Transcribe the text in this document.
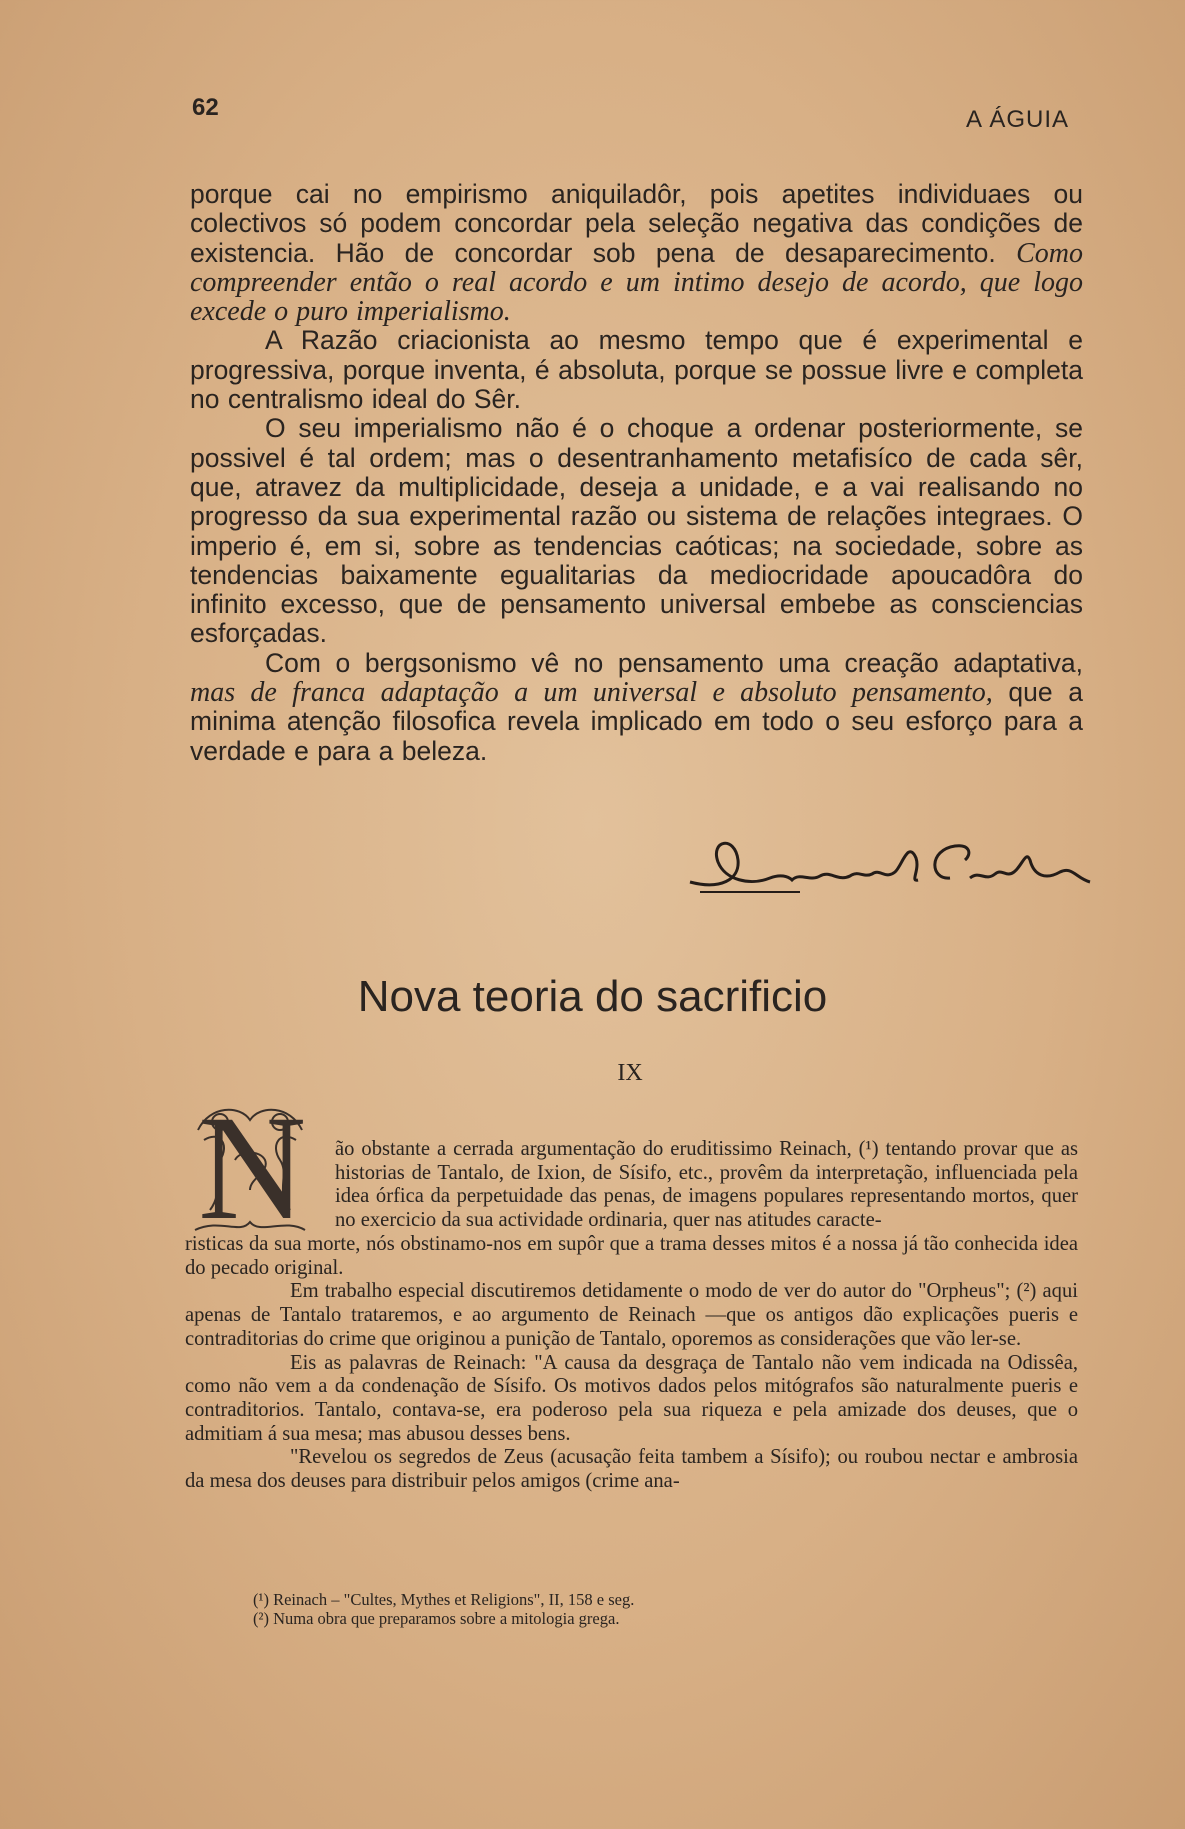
62	A ÁGUIA

porque cai no empirismo aniquiladôr, pois apetites individuaes ou colectivos só podem concordar pela seleção negativa das condições de existencia. Hão de concordar sob pena de desaparecimento. Como compreender então o real acordo e um intimo desejo de acordo, que logo excede o puro imperialismo.

A Razão criacionista ao mesmo tempo que é experimental e progressiva, porque inventa, é absoluta, porque se possue livre e completa no centralismo ideal do Sêr.

O seu imperialismo não é o choque a ordenar posteriormente, se possivel é tal ordem; mas o desentranhamento metafisíco de cada sêr, que, atravez da multiplicidade, deseja a unidade, e a vai realisando no progresso da sua experimental razão ou sistema de relações integraes. O imperio é, em si, sobre as tendencias caóticas; na sociedade, sobre as tendencias baixamente egualitarias da mediocridade apoucadôra do infinito excesso, que de pensamento universal embebe as consciencias esforçadas.

Com o bergsonismo vê no pensamento uma creação adaptativa, mas de franca adaptação a um universal e absoluto pensamento, que a minima atenção filosofica revela implicado em todo o seu esforço para a verdade e para a beleza.

Nova teoria do sacrificio
IX
N ão obstante a cerrada argumentação do eruditissimo Reinach, (¹) tentando provar que as historias de Tantalo, de Ixion, de Sísifo, etc., provêm da interpretação, influenciada pela idea órfica da perpetuidade das penas, de imagens populares representando mortos, quer no exercicio da sua actividade ordinaria, quer nas atitudes caracte-

risticas da sua morte, nós obstinamo-nos em supôr que a trama desses mitos é a nossa já tão conhecida idea do pecado original.

Em trabalho especial discutiremos detidamente o modo de ver do autor do "Orpheus"; (²) aqui apenas de Tantalo trataremos, e ao argumento de Reinach —que os antigos dão explicações pueris e contraditorias do crime que originou a punição de Tantalo, oporemos as considerações que vão ler-se.

Eis as palavras de Reinach: "A causa da desgraça de Tantalo não vem indicada na Odissêa, como não vem a da condenação de Sísifo. Os motivos dados pelos mitógrafos são naturalmente pueris e contraditorios. Tantalo, contava-se, era poderoso pela sua riqueza e pela amizade dos deuses, que o admitiam á sua mesa; mas abusou desses bens.

"Revelou os segredos de Zeus (acusação feita tambem a Sísifo); ou roubou nectar e ambrosia da mesa dos deuses para distribuir pelos amigos (crime ana-

(¹) Reinach – "Cultes, Mythes et Religions", II, 158 e seg.
(²) Numa obra que preparamos sobre a mitologia grega.
